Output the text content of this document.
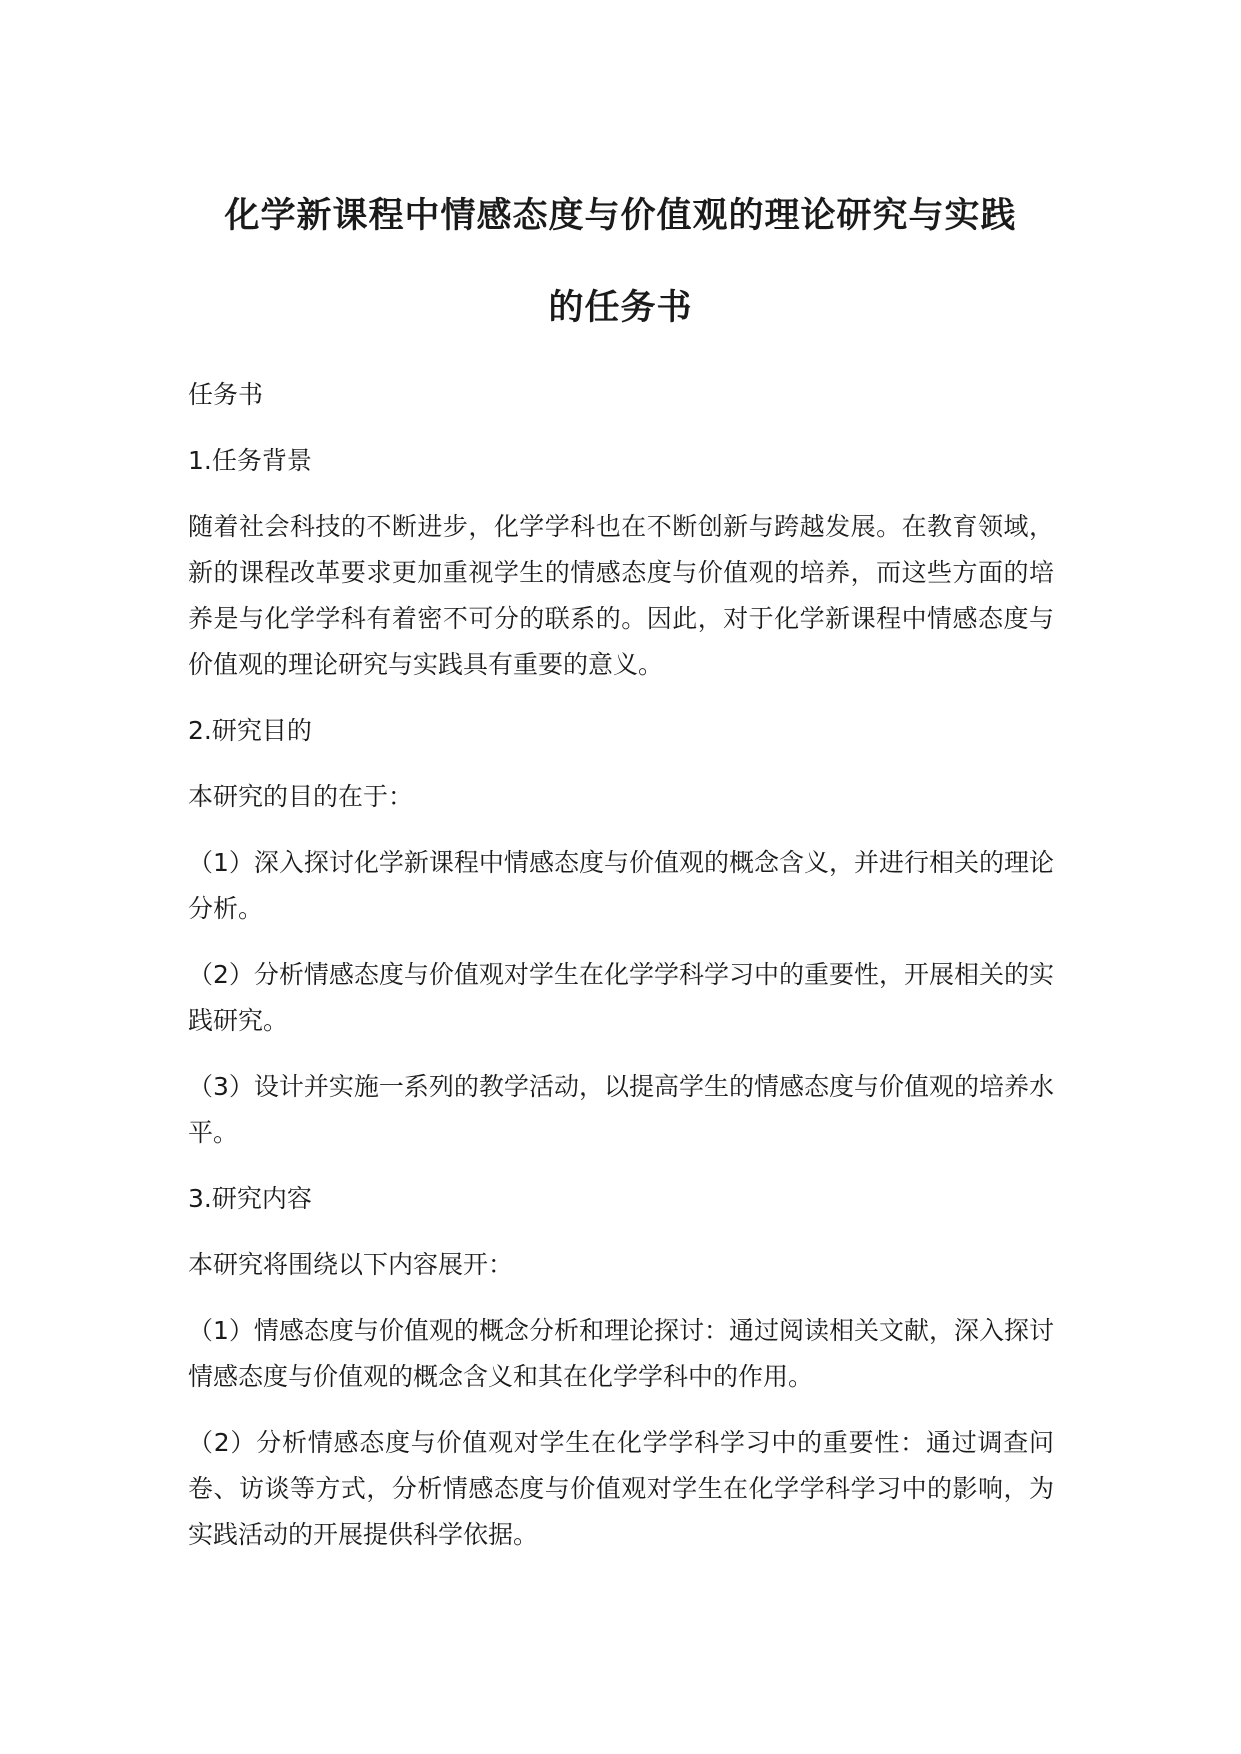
化学新课程中情感态度与价值观的理论研究与实践
的任务书

任务书

1.任务背景

随着社会科技的不断进步，化学学科也在不断创新与跨越发展。在教育领域，新的课程改革要求更加重视学生的情感态度与价值观的培养，而这些方面的培养是与化学学科有着密不可分的联系的。因此，对于化学新课程中情感态度与价值观的理论研究与实践具有重要的意义。

2.研究目的

本研究的目的在于：

（1）深入探讨化学新课程中情感态度与价值观的概念含义，并进行相关的理论分析。

（2）分析情感态度与价值观对学生在化学学科学习中的重要性，开展相关的实践研究。

（3）设计并实施一系列的教学活动，以提高学生的情感态度与价值观的培养水平。

3.研究内容

本研究将围绕以下内容展开：

（1）情感态度与价值观的概念分析和理论探讨：通过阅读相关文献，深入探讨情感态度与价值观的概念含义和其在化学学科中的作用。

（2）分析情感态度与价值观对学生在化学学科学习中的重要性：通过调查问卷、访谈等方式，分析情感态度与价值观对学生在化学学科学习中的影响，为实践活动的开展提供科学依据。
